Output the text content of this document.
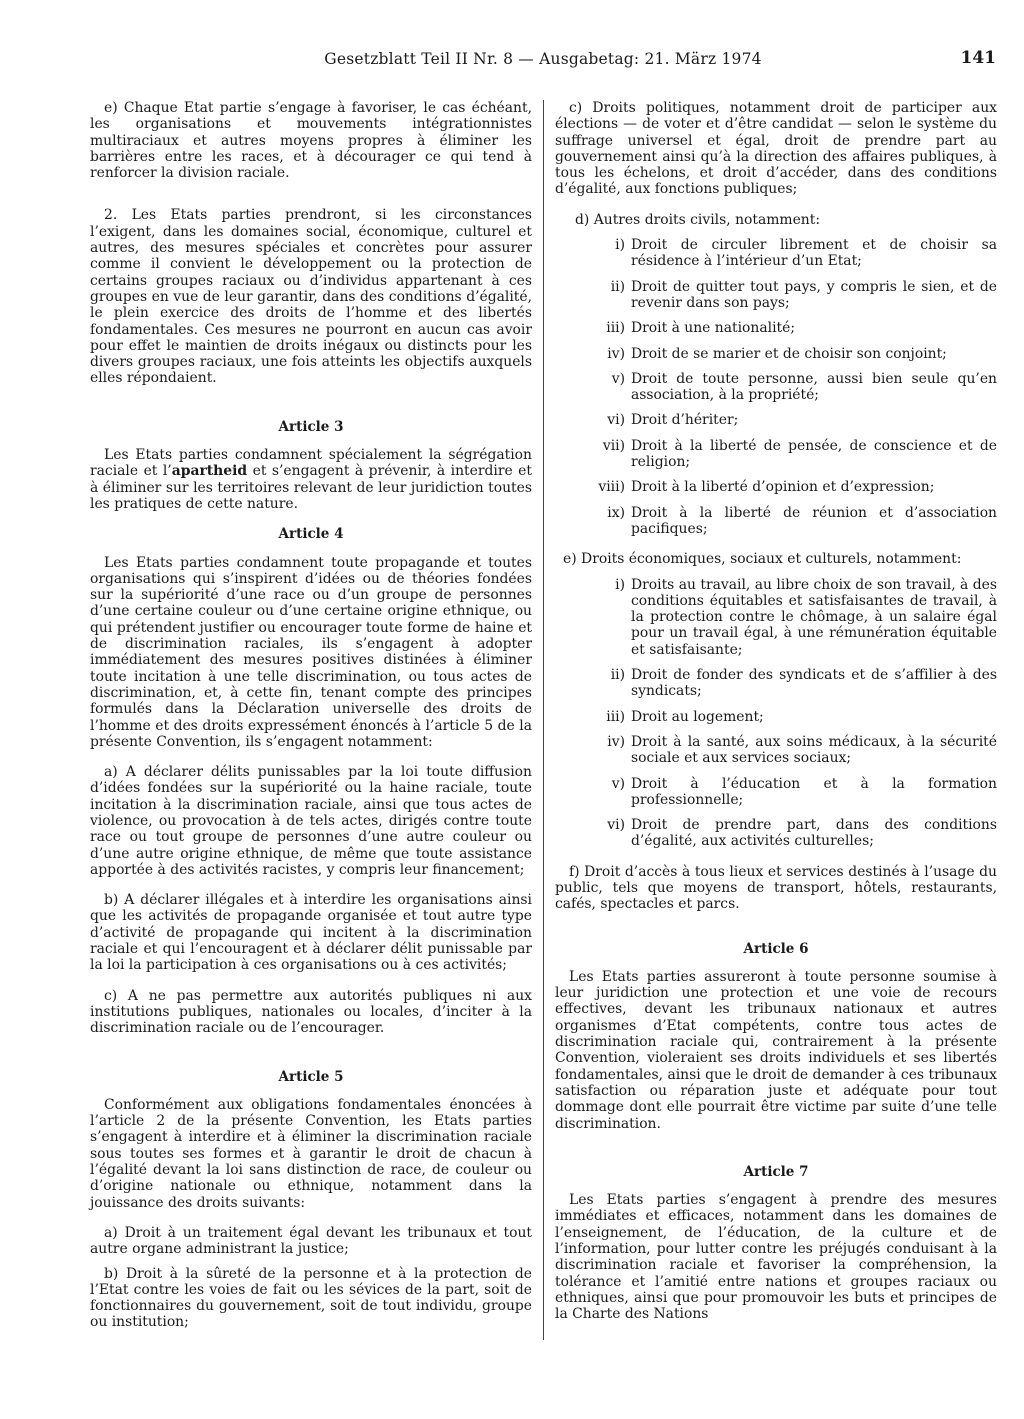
Gesetzblatt Teil II Nr. 8 — Ausgabetag: 21. März 1974	141

e) Chaque Etat partie s’engage à favoriser, le cas échéant, les organisations et mouvements intégrationnistes multiraciaux et autres moyens propres à éliminer les barrières entre les races, et à décourager ce qui tend à renforcer la division raciale.

2. Les Etats parties prendront, si les circonstances l’exigent, dans les domaines social, économique, culturel et autres, des mesures spéciales et concrètes pour assurer comme il convient le développement ou la protection de certains groupes raciaux ou d’individus appartenant à ces groupes en vue de leur garantir, dans des conditions d’égalité, le plein exercice des droits de l’homme et des libertés fondamentales. Ces mesures ne pourront en aucun cas avoir pour effet le maintien de droits inégaux ou distincts pour les divers groupes raciaux, une fois atteints les objectifs auxquels elles répondaient.

Article 3

Les Etats parties condamnent spécialement la ségrégation raciale et l’apartheid et s’engagent à prévenir, à interdire et à éliminer sur les territoires relevant de leur juridiction toutes les pratiques de cette nature.

Article 4

Les Etats parties condamnent toute propagande et toutes organisations qui s’inspirent d’idées ou de théories fondées sur la supériorité d’une race ou d’un groupe de personnes d’une certaine couleur ou d’une certaine origine ethnique, ou qui prétendent justifier ou encourager toute forme de haine et de discrimination raciales, ils s’engagent à adopter immédiatement des mesures positives distinées à éliminer toute incitation à une telle discrimination, ou tous actes de discrimination, et, à cette fin, tenant compte des principes formulés dans la Déclaration universelle des droits de l’homme et des droits expressément énoncés à l’article 5 de la présente Convention, ils s’engagent notamment:

a) A déclarer délits punissables par la loi toute diffusion d’idées fondées sur la supériorité ou la haine raciale, toute incitation à la discrimination raciale, ainsi que tous actes de violence, ou provocation à de tels actes, dirigés contre toute race ou tout groupe de personnes d’une autre couleur ou d’une autre origine ethnique, de même que toute assistance apportée à des activités racistes, y compris leur financement;

b) A déclarer illégales et à interdire les organisations ainsi que les activités de propagande organisée et tout autre type d’activité de propagande qui incitent à la discrimination raciale et qui l’encouragent et à déclarer délit punissable par la loi la participation à ces organisations ou à ces activités;

c) A ne pas permettre aux autorités publiques ni aux institutions publiques, nationales ou locales, d’inciter à la discrimination raciale ou de l’encourager.

Article 5

Conformément aux obligations fondamentales énoncées à l’article 2 de la présente Convention, les Etats parties s’engagent à interdire et à éliminer la discrimination raciale sous toutes ses formes et à garantir le droit de chacun à l’égalité devant la loi sans distinction de race, de couleur ou d’origine nationale ou ethnique, notamment dans la jouissance des droits suivants:

a) Droit à un traitement égal devant les tribunaux et tout autre organe administrant la justice;

b) Droit à la sûreté de la personne et à la protection de l’Etat contre les voies de fait ou les sévices de la part, soit de fonctionnaires du gouvernement, soit de tout individu, groupe ou institution;

c) Droits politiques, notamment droit de participer aux élections — de voter et d’être candidat — selon le système du suffrage universel et égal, droit de prendre part au gouvernement ainsi qu’à la direction des affaires publiques, à tous les échelons, et droit d’accéder, dans des conditions d’égalité, aux fonctions publiques;

d) Autres droits civils, notamment:

i) Droit de circuler librement et de choisir sa résidence à l’intérieur d’un Etat;
ii) Droit de quitter tout pays, y compris le sien, et de revenir dans son pays;
iii) Droit à une nationalité;
iv) Droit de se marier et de choisir son conjoint;
v) Droit de toute personne, aussi bien seule qu’en association, à la propriété;
vi) Droit d’hériter;
vii) Droit à la liberté de pensée, de conscience et de religion;
viii) Droit à la liberté d’opinion et d’expression;
ix) Droit à la liberté de réunion et d’association pacifiques;

e) Droits économiques, sociaux et culturels, notamment:

i) Droits au travail, au libre choix de son travail, à des conditions équitables et satisfaisantes de travail, à la protection contre le chômage, à un salaire égal pour un travail égal, à une rémunération équitable et satisfaisante;
ii) Droit de fonder des syndicats et de s’affilier à des syndicats;
iii) Droit au logement;
iv) Droit à la santé, aux soins médicaux, à la sécurité sociale et aux services sociaux;
v) Droit à l’éducation et à la formation professionnelle;
vi) Droit de prendre part, dans des conditions d’égalité, aux activités culturelles;

f) Droit d’accès à tous lieux et services destinés à l’usage du public, tels que moyens de transport, hôtels, restaurants, cafés, spectacles et parcs.

Article 6

Les Etats parties assureront à toute personne soumise à leur juridiction une protection et une voie de recours effectives, devant les tribunaux nationaux et autres organismes d’Etat compétents, contre tous actes de discrimination raciale qui, contrairement à la présente Convention, violeraient ses droits individuels et ses libertés fondamentales, ainsi que le droit de demander à ces tribunaux satisfaction ou réparation juste et adéquate pour tout dommage dont elle pourrait être victime par suite d’une telle discrimination.

Article 7

Les Etats parties s’engagent à prendre des mesures immédiates et efficaces, notamment dans les domaines de l’enseignement, de l’éducation, de la culture et de l’information, pour lutter contre les préjugés conduisant à la discrimination raciale et favoriser la compréhension, la tolérance et l’amitié entre nations et groupes raciaux ou ethniques, ainsi que pour promouvoir les buts et principes de la Charte des Nations
